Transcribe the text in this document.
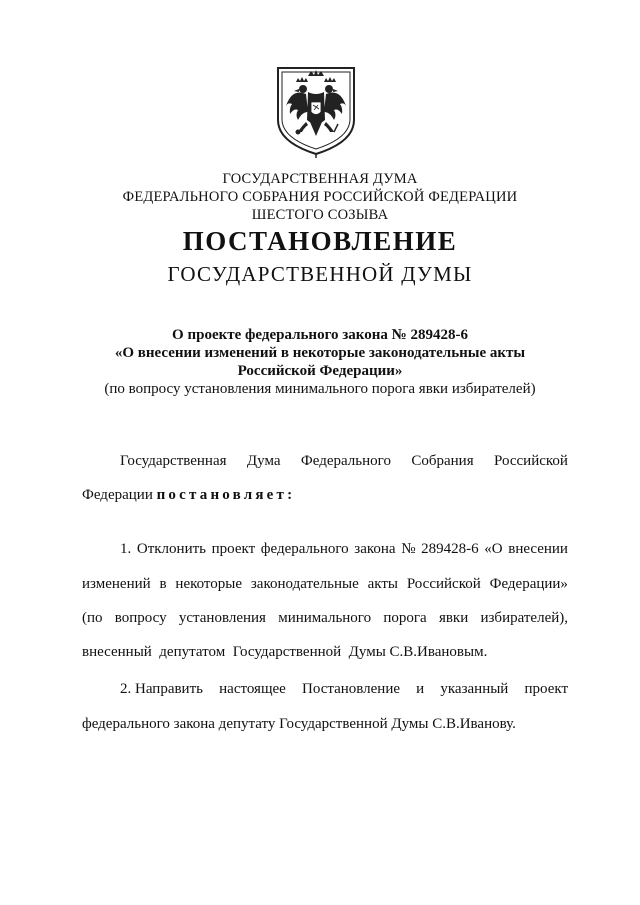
ГОСУДАРСТВЕННАЯ ДУМА
ФЕДЕРАЛЬНОГО СОБРАНИЯ РОССИЙСКОЙ ФЕДЕРАЦИИ
ШЕСТОГО СОЗЫВА
ПОСТАНОВЛЕНИЕ
ГОСУДАРСТВЕННОЙ ДУМЫ
О проекте федерального закона № 289428-6
«О внесении изменений в некоторые законодательные акты
Российской Федерации»
(по вопросу установления минимального порога явки избирателей)
Государственная Дума Федерального Собрания Российской
Федерации постановляет:
1. Отклонить проект федерального закона № 289428-6 «О внесении
изменений в некоторые законодательные акты Российской Федерации»
(по вопросу установления минимального порога явки избирателей),
внесенный  депутатом  Государственной  Думы С.В.Ивановым.
2. Направить настоящее Постановление и указанный проект
федерального закона депутату Государственной Думы С.В.Иванову.
